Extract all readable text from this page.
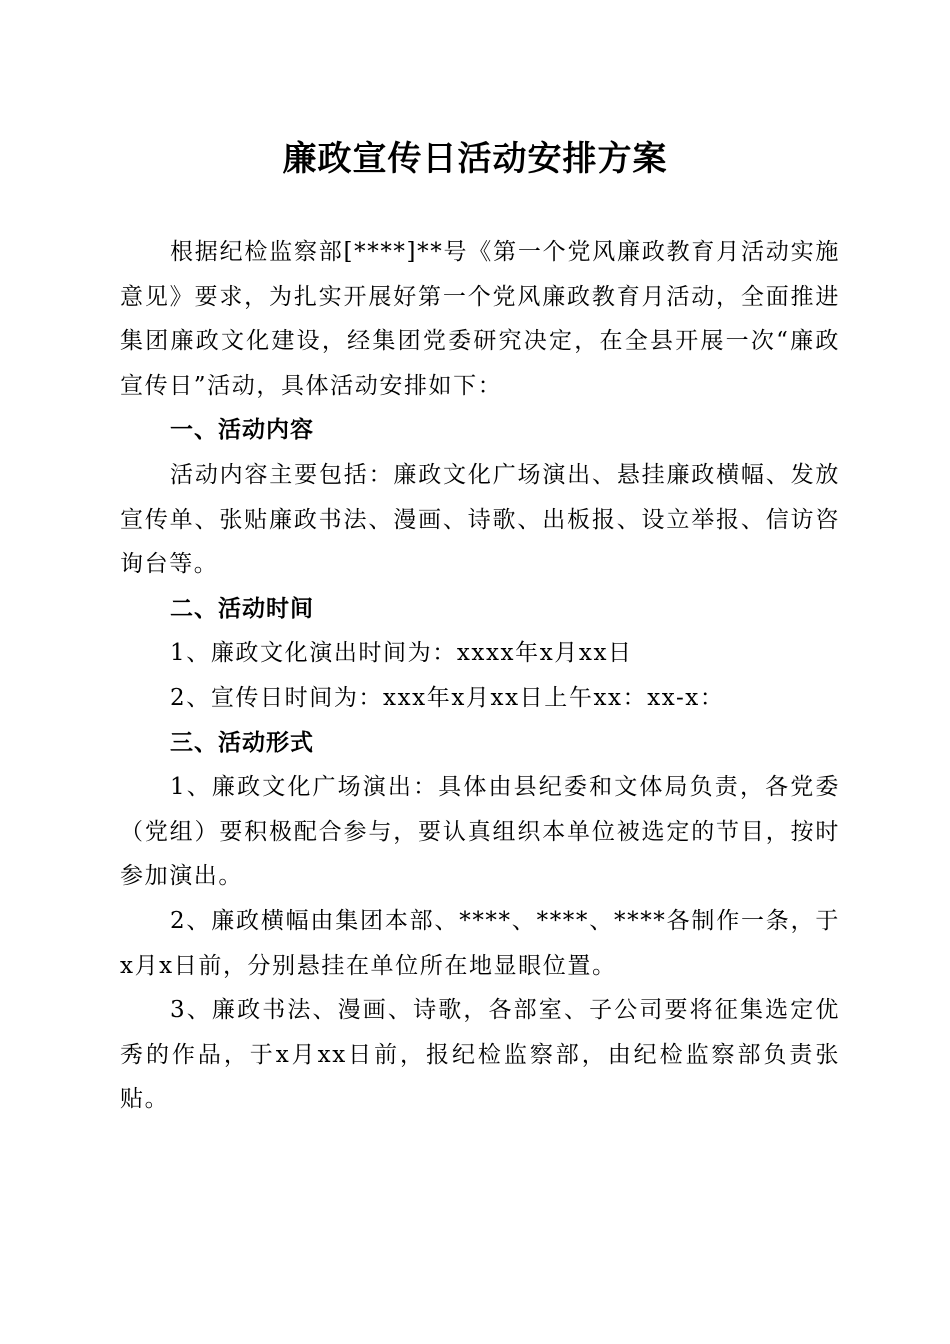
廉政宣传日活动安排方案

根据纪检监察部[****]**号《第一个党风廉政教育月活动实施意见》要求，为扎实开展好第一个党风廉政教育月活动，全面推进集团廉政文化建设，经集团党委研究决定，在全县开展一次“廉政宣传日”活动，具体活动安排如下：

一、活动内容

活动内容主要包括：廉政文化广场演出、悬挂廉政横幅、发放宣传单、张贴廉政书法、漫画、诗歌、出板报、设立举报、信访咨询台等。

二、活动时间

1、廉政文化演出时间为：xxxx年x月xx日

2、宣传日时间为：xxx年x月xx日上午xx：xx-x：

三、活动形式

1、廉政文化广场演出：具体由县纪委和文体局负责，各党委（党组）要积极配合参与，要认真组织本单位被选定的节目，按时参加演出。

2、廉政横幅由集团本部、****、****、****各制作一条，于x月x日前，分别悬挂在单位所在地显眼位置。

3、廉政书法、漫画、诗歌，各部室、子公司要将征集选定优秀的作品，于x月xx日前，报纪检监察部，由纪检监察部负责张贴。
